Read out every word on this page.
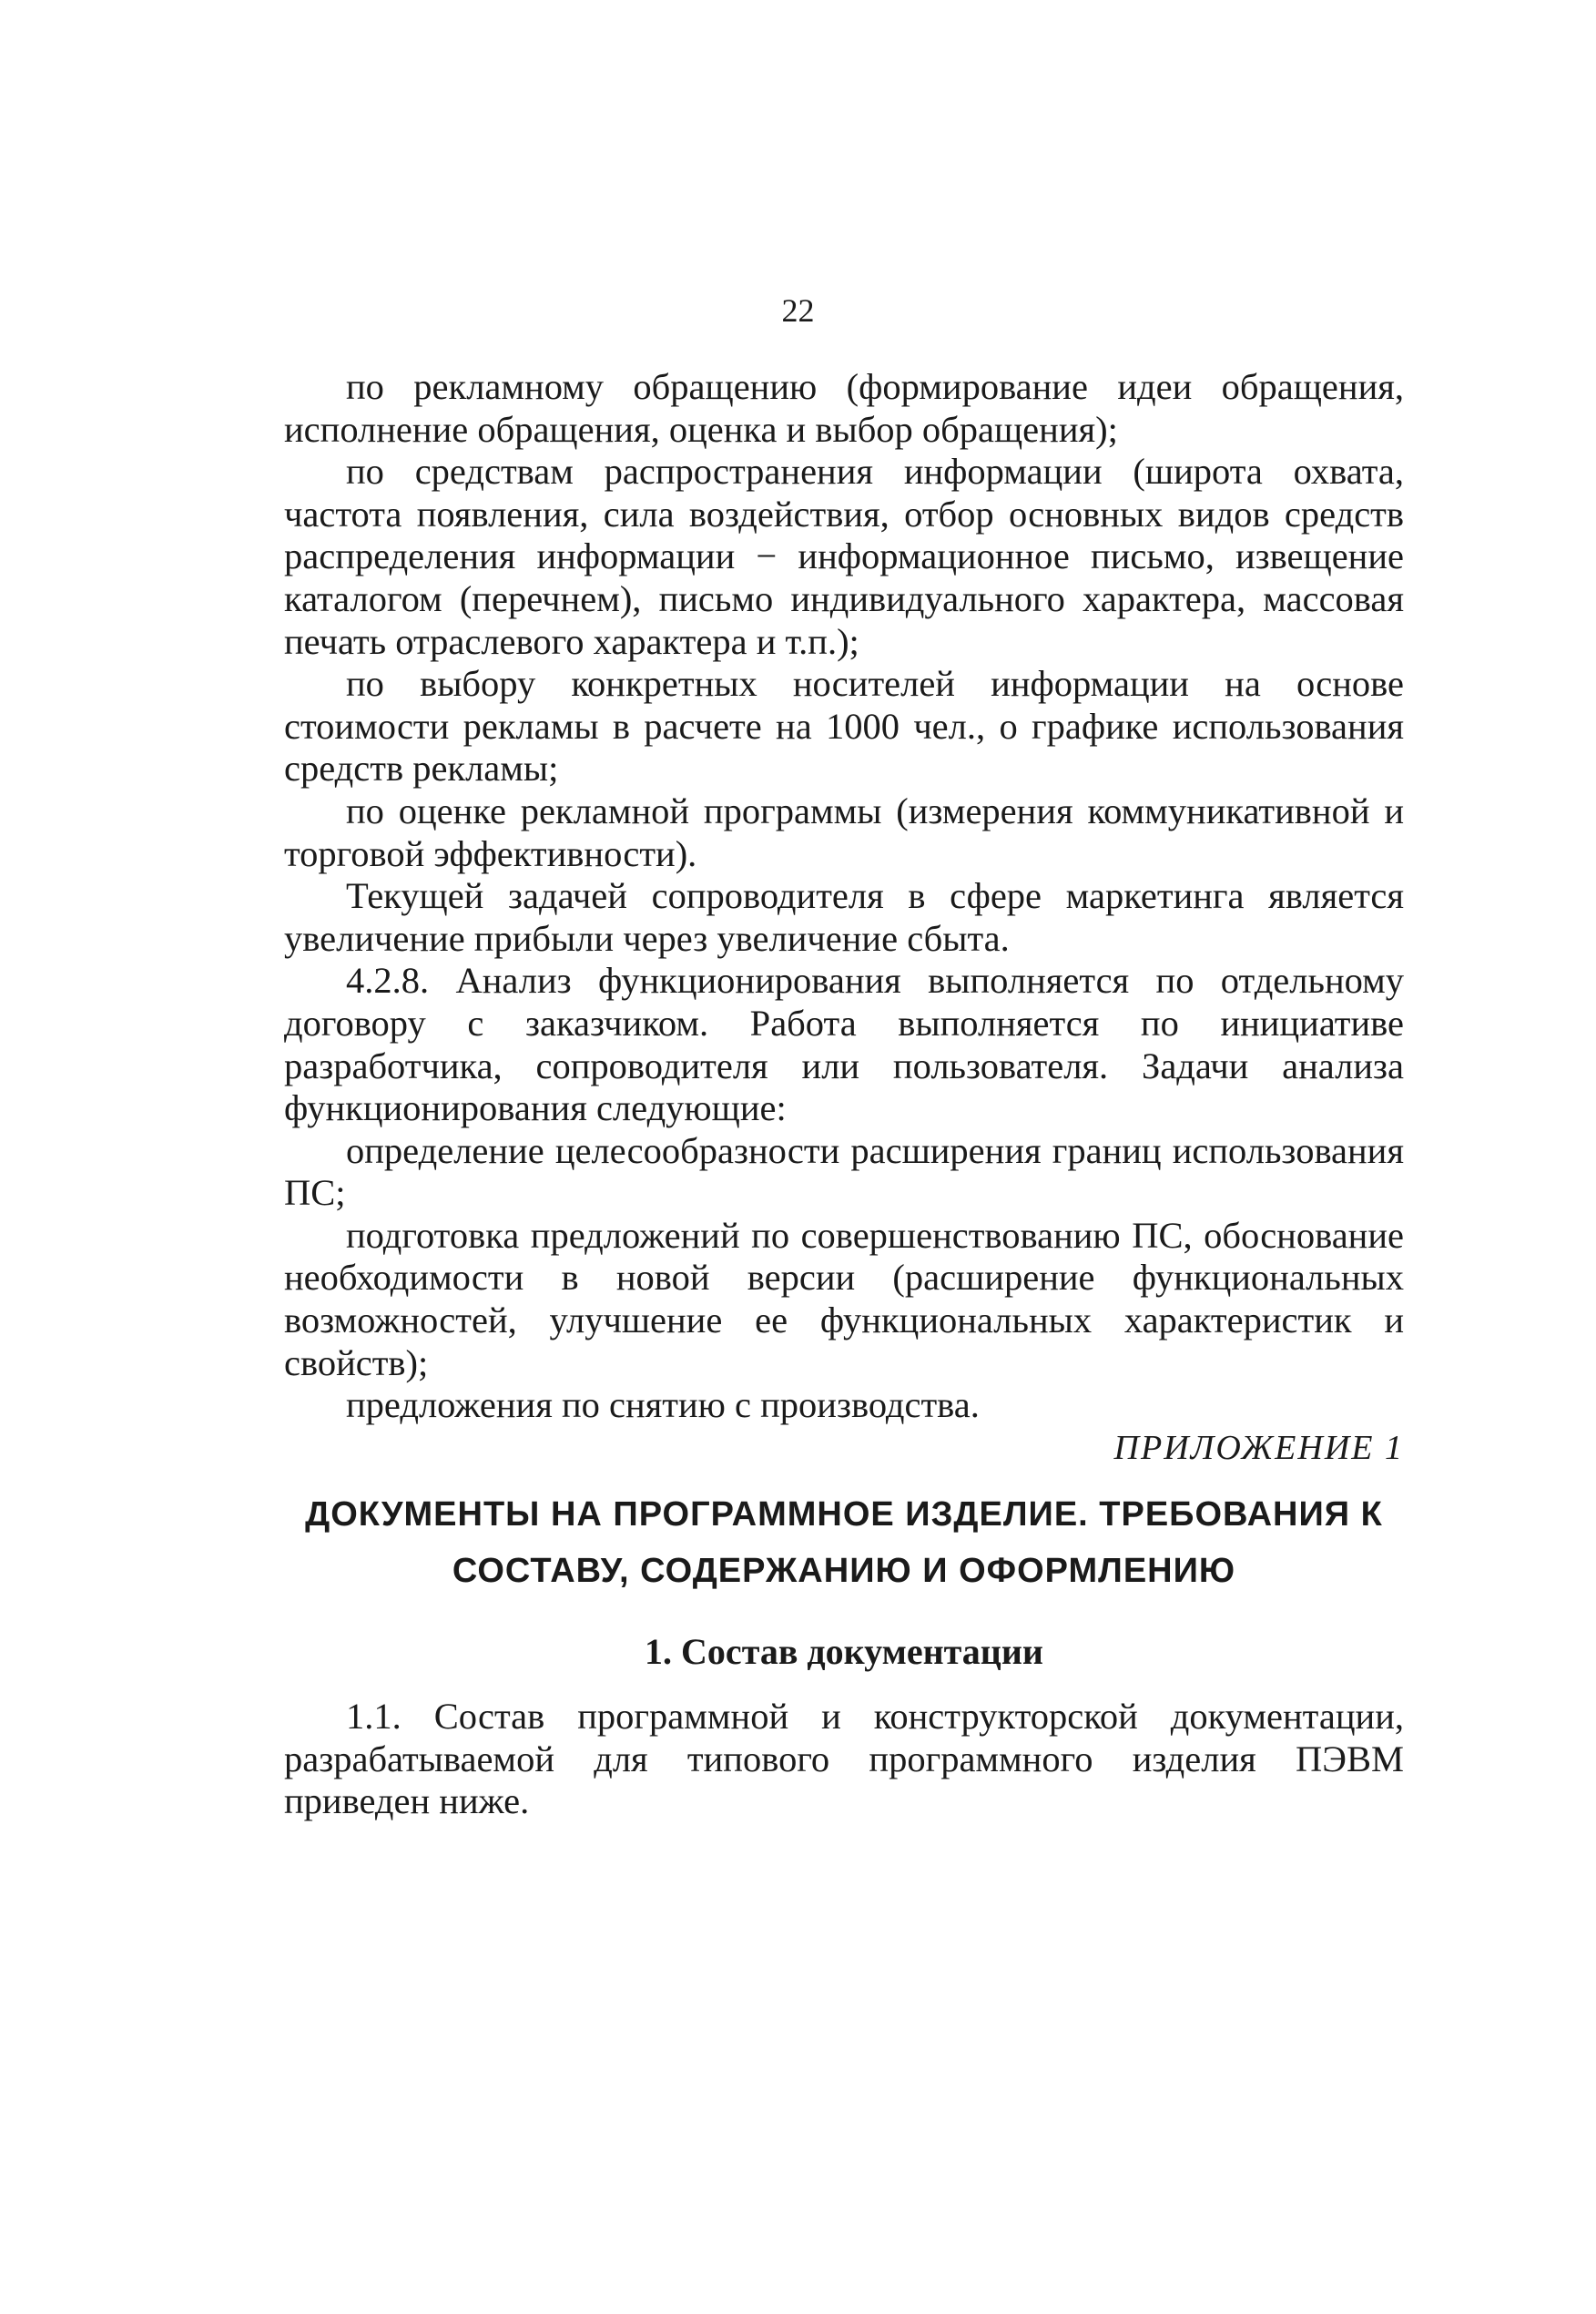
22

по рекламному обращению (формирование идеи обращения, исполнение обращения, оценка и выбор обращения);

по средствам распространения информации (широта охвата, частота появления, сила воздействия, отбор основных видов средств распределения информации − информационное письмо, извещение каталогом (перечнем), письмо индивидуального характера, массовая печать отраслевого характера и т.п.);

по выбору конкретных носителей информации на основе стоимости рекламы в расчете на 1000 чел., о графике использования средств рекламы;

по оценке рекламной программы (измерения коммуникативной и торговой эффективности).

Текущей задачей сопроводителя в сфере маркетинга является увеличение прибыли через увеличение сбыта.

4.2.8. Анализ функционирования выполняется по отдельному договору с заказчиком. Работа выполняется по инициативе разработчика, сопроводителя или пользователя. Задачи анализа функционирования следующие:

определение целесообразности расширения границ использования ПС;

подготовка предложений по совершенствованию ПС, обоснование необходимости в новой версии (расширение функциональных возможностей, улучшение ее функциональных характеристик и свойств);

предложения по снятию с производства.

ПРИЛОЖЕНИЕ 1
ДОКУМЕНТЫ НА ПРОГРАММНОЕ ИЗДЕЛИЕ. ТРЕБОВАНИЯ К
СОСТАВУ, СОДЕРЖАНИЮ И ОФОРМЛЕНИЮ
1. Состав документации

1.1. Состав программной и конструкторской документации, разрабатываемой для типового программного изделия ПЭВМ приведен ниже.
